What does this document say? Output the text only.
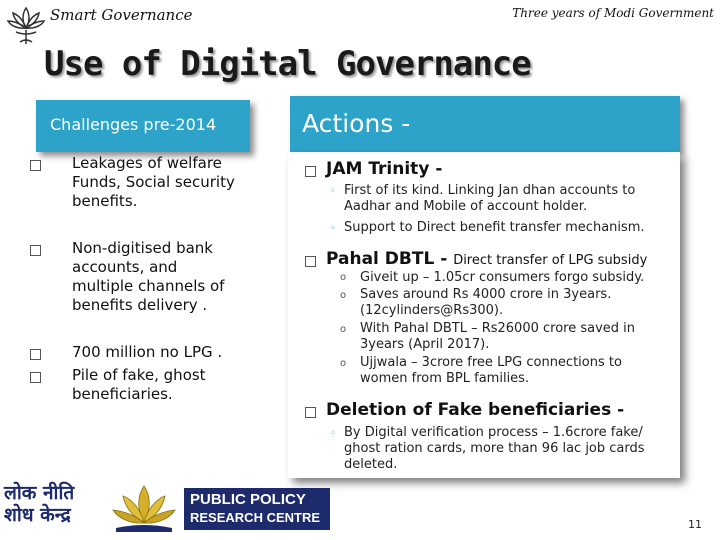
Smart Governance	Three years of Modi Government
Use of Digital Governance
Challenges pre-2014
Leakages of welfare Funds, Social security benefits.
Non-digitised bank accounts, and multiple channels of benefits delivery .
700 million no LPG .
Pile of fake, ghost beneficiaries.
Actions -
JAM Trinity -
◦ First of its kind. Linking Jan dhan accounts to Aadhar and Mobile of account holder.
◦ Support to Direct benefit transfer mechanism.
Pahal DBTL - Direct transfer of LPG subsidy
o Giveit up – 1.05cr consumers forgo subsidy.
o Saves around Rs 4000 crore in 3years. (12cylinders@Rs300).
o With Pahal DBTL – Rs26000 crore saved in 3years (April 2017).
o Ujjwala – 3crore free LPG connections to women from BPL families.
Deletion of Fake beneficiaries -
◦ By Digital verification process – 1.6crore fake/ ghost ration cards, more than 96 lac job cards deleted.
लोक नीति
शोध केन्द्र
PUBLIC POLICY
RESEARCH CENTRE	11
